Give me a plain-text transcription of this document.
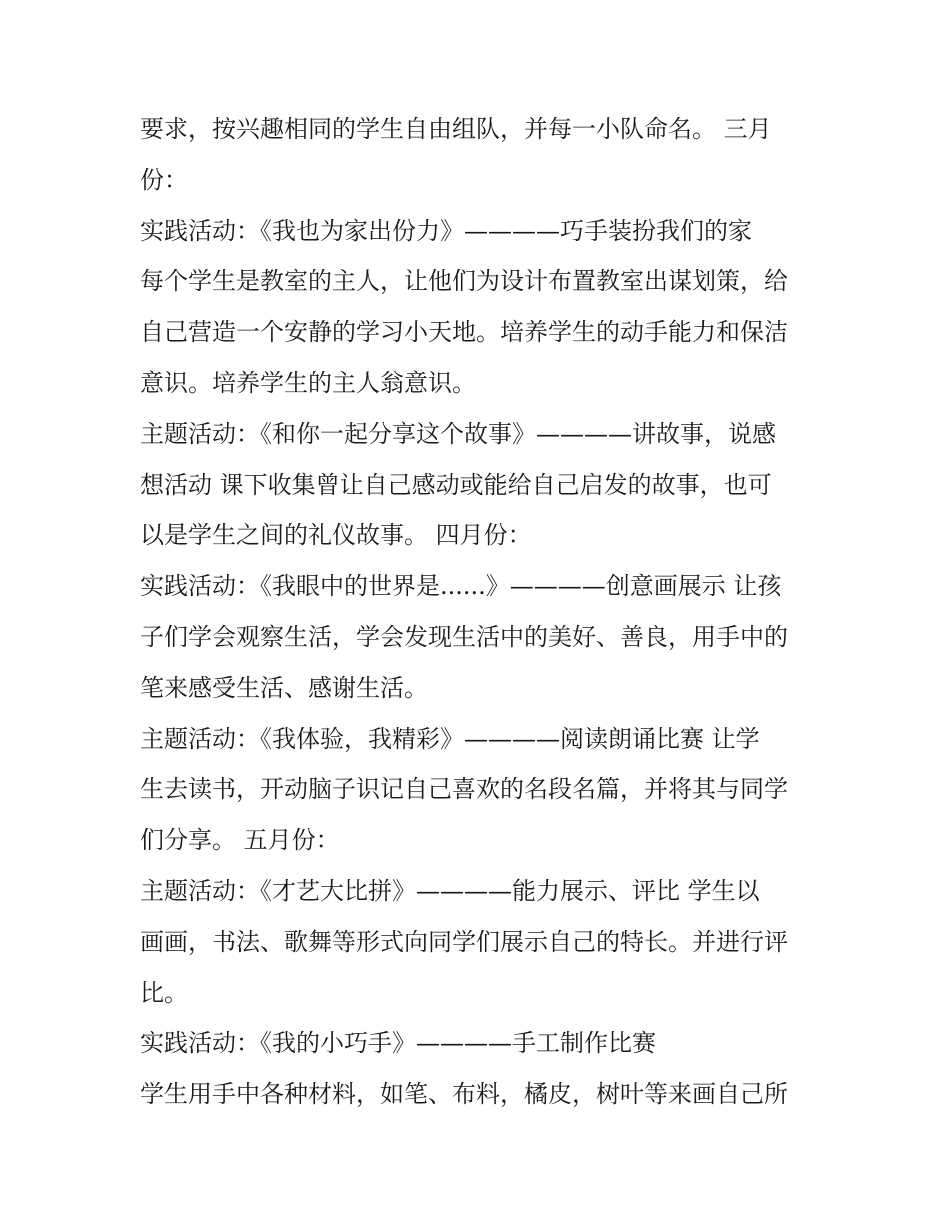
要求，按兴趣相同的学生自由组队，并每一小队命名。 三月
份：
实践活动：《我也为家出份力》————巧手装扮我们的家
每个学生是教室的主人，让他们为设计布置教室出谋划策，给
自己营造一个安静的学习小天地。培养学生的动手能力和保洁
意识。培养学生的主人翁意识。
主题活动：《和你一起分享这个故事》————讲故事，说感
想活动 课下收集曾让自己感动或能给自己启发的故事，也可
以是学生之间的礼仪故事。 四月份：
实践活动：《我眼中的世界是......》————创意画展示 让孩
子们学会观察生活，学会发现生活中的美好、善良，用手中的
笔来感受生活、感谢生活。
主题活动：《我体验，我精彩》————阅读朗诵比赛 让学
生去读书，开动脑子识记自己喜欢的名段名篇，并将其与同学
们分享。 五月份：
主题活动：《才艺大比拼》————能力展示、评比 学生以
画画，书法、歌舞等形式向同学们展示自己的特长。并进行评
比。
实践活动：《我的小巧手》————手工制作比赛
学生用手中各种材料，如笔、布料，橘皮，树叶等来画自己所
